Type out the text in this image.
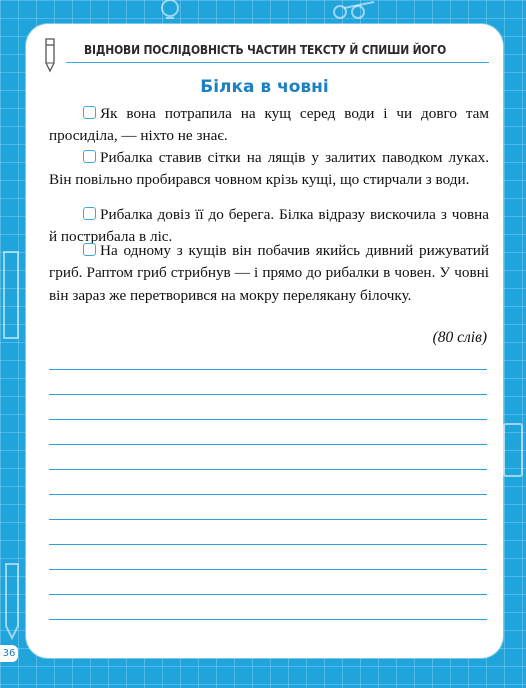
ВІДНОВИ ПОСЛІДОВНІСТЬ ЧАСТИН ТЕКСТУ Й СПИШИ ЙОГО
Білка в човні
Як вона потрапила на кущ серед води і чи довго там просиділа, — ніхто не знає.
Рибалка ставив сітки на лящів у залитих паводком луках. Він повільно пробирався човном крізь кущі, що стирчали з води.
Рибалка довіз її до берега. Білка відразу вискочила з човна й пострибала в ліс.
На одному з кущів він побачив якийсь дивний рижуватий гриб. Раптом гриб стрибнув — і прямо до рибалки в човен. У човні він зараз же перетворився на мокру перелякану білочку.
(80 слів)
36
